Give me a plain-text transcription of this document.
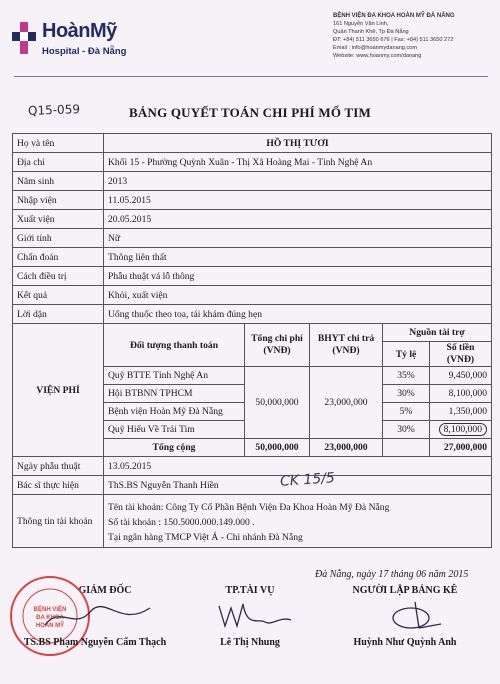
HoànMỹ
Hospital - Đà Nẵng
BỆNH VIỆN ĐA KHOA HOÀN MỸ ĐÀ NẴNG
161 Nguyễn Văn Linh,
Quận Thanh Khê, Tp Đà Nẵng
ĐT: +84) 511 3650 676 | Fax: +84) 511 3650 272
Email : info@hoanmydanang.com
Website: www.hoanmy.com/danang
Q15-059	BẢNG QUYẾT TOÁN CHI PHÍ MỔ TIM
Họ và tên	HỒ THỊ TƯƠI
Địa chỉ	Khối 15 - Phường Quỳnh Xuân - Thị Xã Hoàng Mai - Tỉnh Nghệ An
Năm sinh	2013
Nhập viện	11.05.2015
Xuất viện	20.05.2015
Giới tính	Nữ
Chẩn đoán	Thông liên thất
Cách điều trị	Phẫu thuật vá lỗ thông
Kết quả	Khỏi, xuất viện
Lời dặn	Uống thuốc theo toa, tái khám đúng hẹn
VIỆN PHÍ	
Đối tượng thanh toán	Tổng chi phí (VNĐ)	BHYT chi trả (VNĐ)	Nguồn tài trợ
Tỷ lệ	Số tiền (VNĐ)
Quỹ BTTE Tỉnh Nghệ An	50,000,000	23,000,000	35%	9,450,000
Hội BTBNN TPHCM	30%	8,100,000
Bệnh viện Hoàn Mỹ Đà Nẵng	5%	1,350,000
Quỹ Hiểu Về Trái Tim	30%	8,100,000
Tổng cộng	50,000,000	23,000,000		27,000,000

Ngày phẫu thuật	13.05.2015
Bác sĩ thực hiện	ThS.BS Nguyễn Thanh Hiền
Thông tin tài khoản	
Tên tài khoản: Công Ty Cổ Phần Bệnh Viện Đa Khoa Hoàn Mỹ Đà Nẵng
Số tài khoản : 150.5000.000.149.000 .
Tại ngân hàng TMCP Việt Á - Chi nhánh Đà Nẵng
CK 15/5
Đà Nẵng, ngày 17 tháng 06 năm 2015
GIÁM ĐỐC	TP.TÀI VỤ	NGƯỜI LẬP BẢNG KÊ
BỆNH VIỆN
ĐA KHOA
HOÀN MỸ
TS.BS Phạm Nguyễn Cẩm Thạch	Lê Thị Nhung	Huỳnh Như Quỳnh Anh
